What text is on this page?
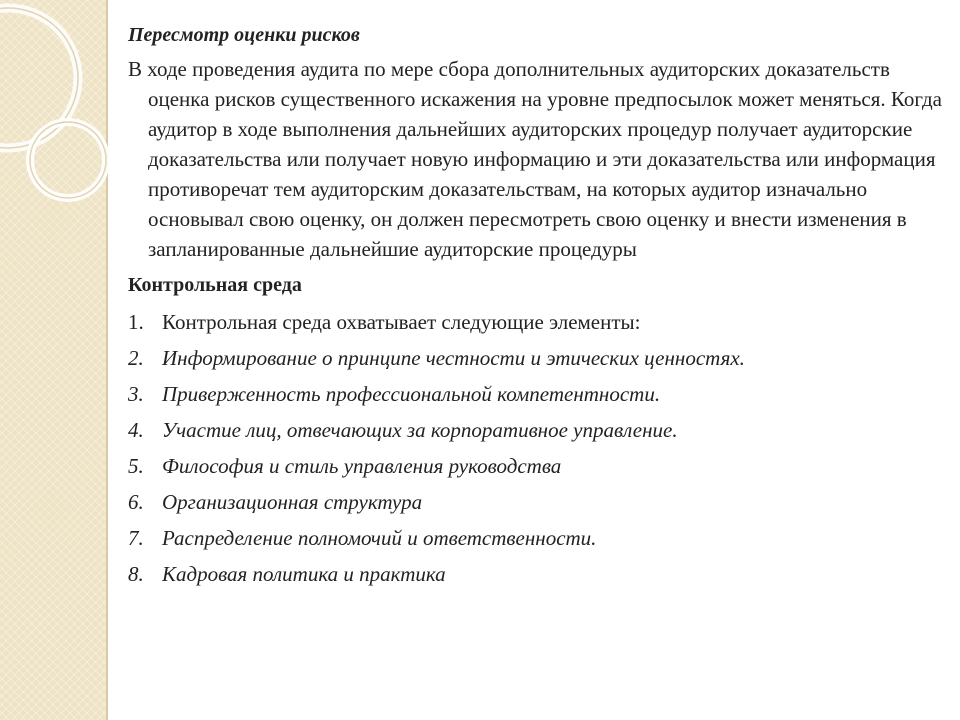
Пересмотр оценки рисков

В ходе проведения аудита по мере сбора дополнительных аудиторских доказательств оценка рисков существенного искажения на уровне предпосылок может меняться. Когда аудитор в ходе выполнения дальнейших аудиторских процедур получает аудиторские доказательства или получает новую информацию и эти доказательства или информация противоречат тем аудиторским доказательствам, на которых аудитор изначально основывал свою оценку, он должен пересмотреть свою оценку и внести изменения в запланированные дальнейшие аудиторские процедуры

Контрольная среда
1. Контрольная среда охватывает следующие элементы:
2. Информирование о принципе честности и этических ценностях.
3. Приверженность профессиональной компетентности.
4. Участие лиц, отвечающих за корпоративное управление.
5. Философия и стиль управления руководства
6. Организационная структура
7. Распределение полномочий и ответственности.
8. Кадровая политика и практика
